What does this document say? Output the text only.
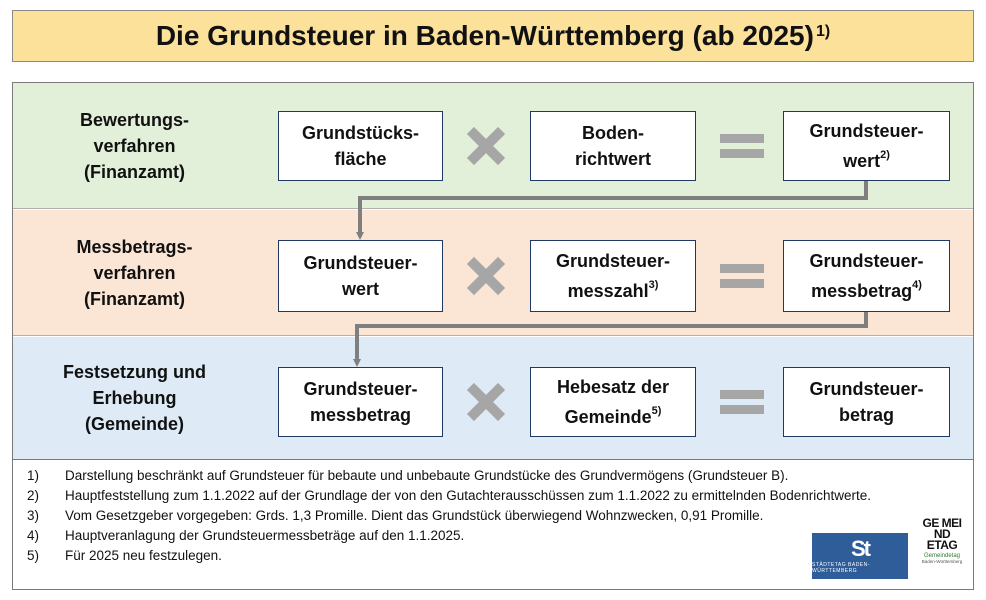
Die Grundsteuer in Baden-Württemberg (ab 2025)$^{1)}$
Bewertungs-
verfahren
(Finanzamt)
Messbetrags-
verfahren
(Finanzamt)
Festsetzung und
Erhebung
(Gemeinde)
Grundstücks-
fläche
Boden-
richtwert
Grundsteuer-
wert$^{2)}$
Grundsteuer-
wert
Grundsteuer-
messzahl$^{3)}$
Grundsteuer-
messbetrag$^{4)}$
Grundsteuer-
messbetrag
Hebesatz der
Gemeinde$^{5)}$
Grundsteuer-
betrag
1)	Darstellung beschränkt auf Grundsteuer für bebaute und unbebaute Grundstücke des Grundvermögens (Grundsteuer B).
2)	Hauptfeststellung zum 1.1.2022 auf der Grundlage der von den Gutachterausschüssen zum 1.1.2022 zu ermittelnden Bodenrichtwerte.
3)	Vom Gesetzgeber vorgegeben: Grds. 1,3 Promille. Dient das Grundstück überwiegend Wohnzwecken, 0,91 Promille.
4)	Hauptveranlagung der Grundsteuermessbeträge auf den 1.1.2025.
5)	Für 2025 neu festzulegen.	St
STÄDTETAG BADEN-WÜRTTEMBERG
GE MEI ND ETAG
Gemeindetag
Baden-Württemberg
